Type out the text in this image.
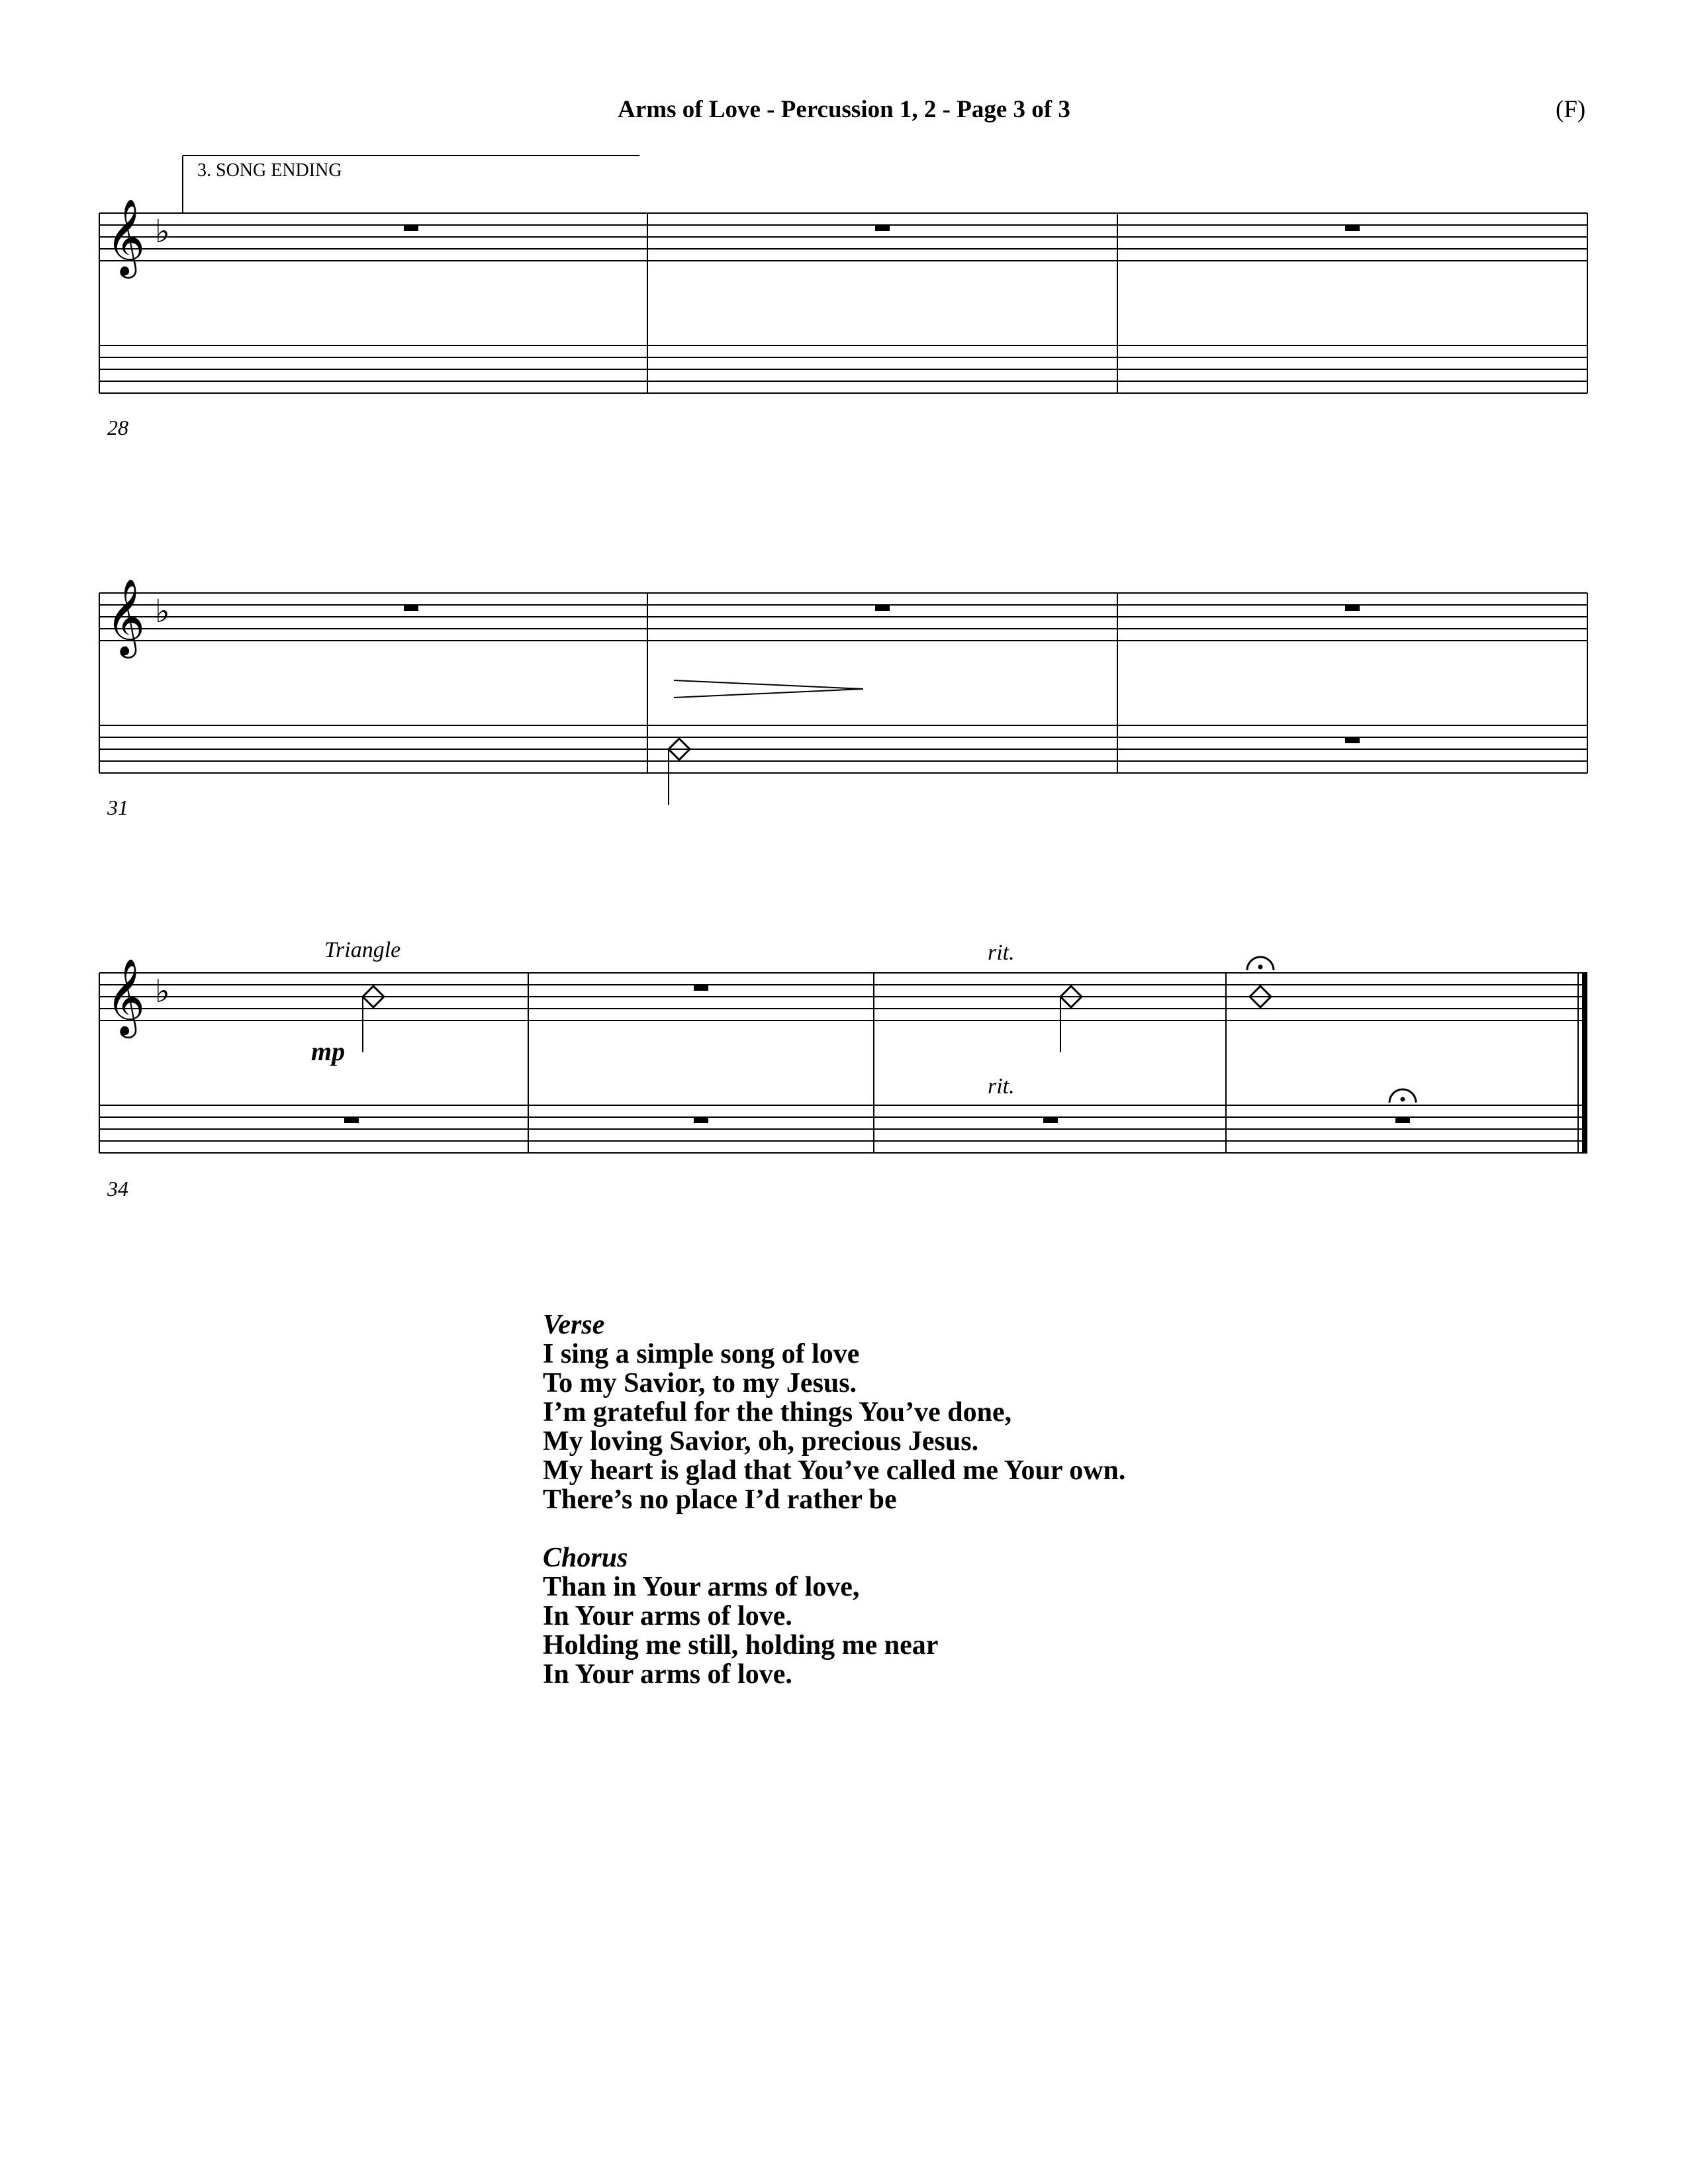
Arms of Love - Percussion 1, 2 - Page 3 of 3	(F)
𝄞
𝄞
𝄞
♭
♭
♭
3. SONG ENDING
Triangle
mp
rit.
rit.
28
31
34
Verse
I sing a simple song of love
To my Savior, to my Jesus.
I’m grateful for the things You’ve done,
My loving Savior, oh, precious Jesus.
My heart is glad that You’ve called me Your own.
There’s no place I’d rather be
Chorus
Than in Your arms of love,
In Your arms of love.
Holding me still, holding me near
In Your arms of love.
